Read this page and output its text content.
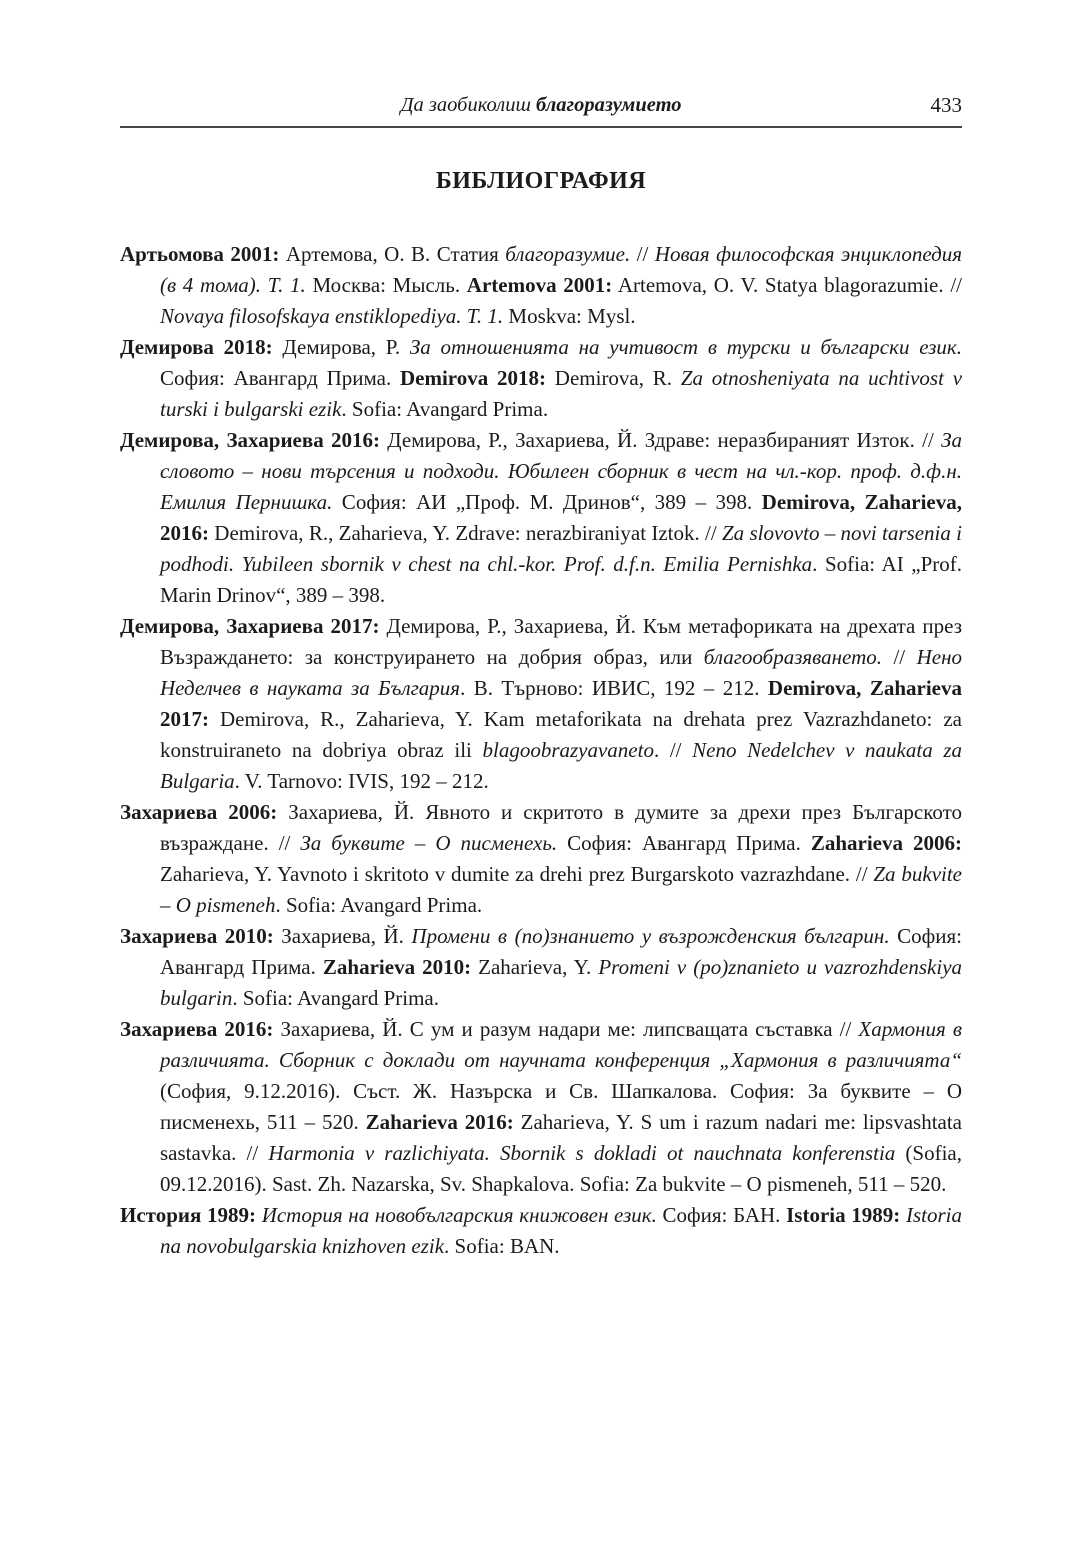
Да заобиколиш благоразумието	433
БИБЛИОГРАФИЯ

Артьомова 2001: Артемова, О. В. Статия благоразумие. // Новая философская энциклопедия (в 4 тома). Т. 1. Москва: Мысль. Artemova 2001: Artemova, O. V. Statya blagorazumie. // Novaya filosofskaya enstiklopediya. T. 1. Moskva: Mysl.

Демирова 2018: Демирова, Р. За отношенията на учтивост в турски и български език. София: Авангард Прима. Demirova 2018: Demirova, R. Za otnosheniyata na uchtivost v turski i bulgarski ezik. Sofia: Avangard Prima.

Демирова, Захариева 2016: Демирова, Р., Захариева, Й. Здраве: неразбираният Изток. // За словото – нови търсения и подходи. Юбилеен сборник в чест на чл.-кор. проф. д.ф.н. Емилия Пернишка. София: АИ „Проф. М. Дринов“, 389 – 398. Demirova, Zaharieva, 2016: Demirova, R., Zaharieva, Y. Zdrave: nerazbiraniyat Iztok. // Za slovovto – novi tarsenia i podhodi. Yubileen sbornik v chest na chl.-kor. Prof. d.f.n. Emilia Pernishka. Sofia: AI „Prof. Marin Drinov“, 389 – 398.

Демирова, Захариева 2017: Демирова, Р., Захариева, Й. Към метафориката на дрехата през Възраждането: за конструирането на добрия образ, или благообразяването. // Нено Неделчев в науката за България. В. Търново: ИВИС, 192 – 212. Demirova, Zaharieva 2017: Demirova, R., Zaharieva, Y. Kam metaforikata na drehata prez Vazrazhdaneto: za konstruiraneto na dobriya obraz ili blagoobrazyavaneto. // Neno Nedelchev v naukata za Bulgaria. V. Tarnovo: IVIS, 192 – 212.

Захариева 2006: Захариева, Й. Явното и скритото в думите за дрехи през Българското възраждане. // За буквите – О писменехь. София: Авангард Прима. Zaharieva 2006: Zaharieva, Y. Yavnoto i skritoto v dumite za drehi prez Burgarskoto vazrazhdane. // Za bukvite – O pismeneh. Sofia: Avangard Prima.

Захариева 2010: Захариева, Й. Промени в (по)знанието у възрожденския българин. София: Авангард Прима. Zaharieva 2010: Zaharieva, Y. Promeni v (po)znanieto u vazrozhdenskiya bulgarin. Sofia: Avangard Prima.

Захариева 2016: Захариева, Й. С ум и разум надари ме: липсващата съставка // Хармония в различията. Сборник с доклади от научната конференция „Хармония в различията“ (София, 9.12.2016). Съст. Ж. Назърска и Св. Шапкалова. София: За буквите – О писменехь, 511 – 520. Zaharieva 2016: Zaharieva, Y. S um i razum nadari me: lipsvashtata sastavka. // Harmonia v razlichiyata. Sbornik s dokladi ot nauchnata konferenstia (Sofia, 09.12.2016). Sast. Zh. Nazarska, Sv. Shapkalova. Sofia: Za bukvite – O pismeneh, 511 – 520.

История 1989: История на новобългарския книжовен език. София: БАН. Istoria 1989: Istoria na novobulgarskia knizhoven ezik. Sofia: BAN.
